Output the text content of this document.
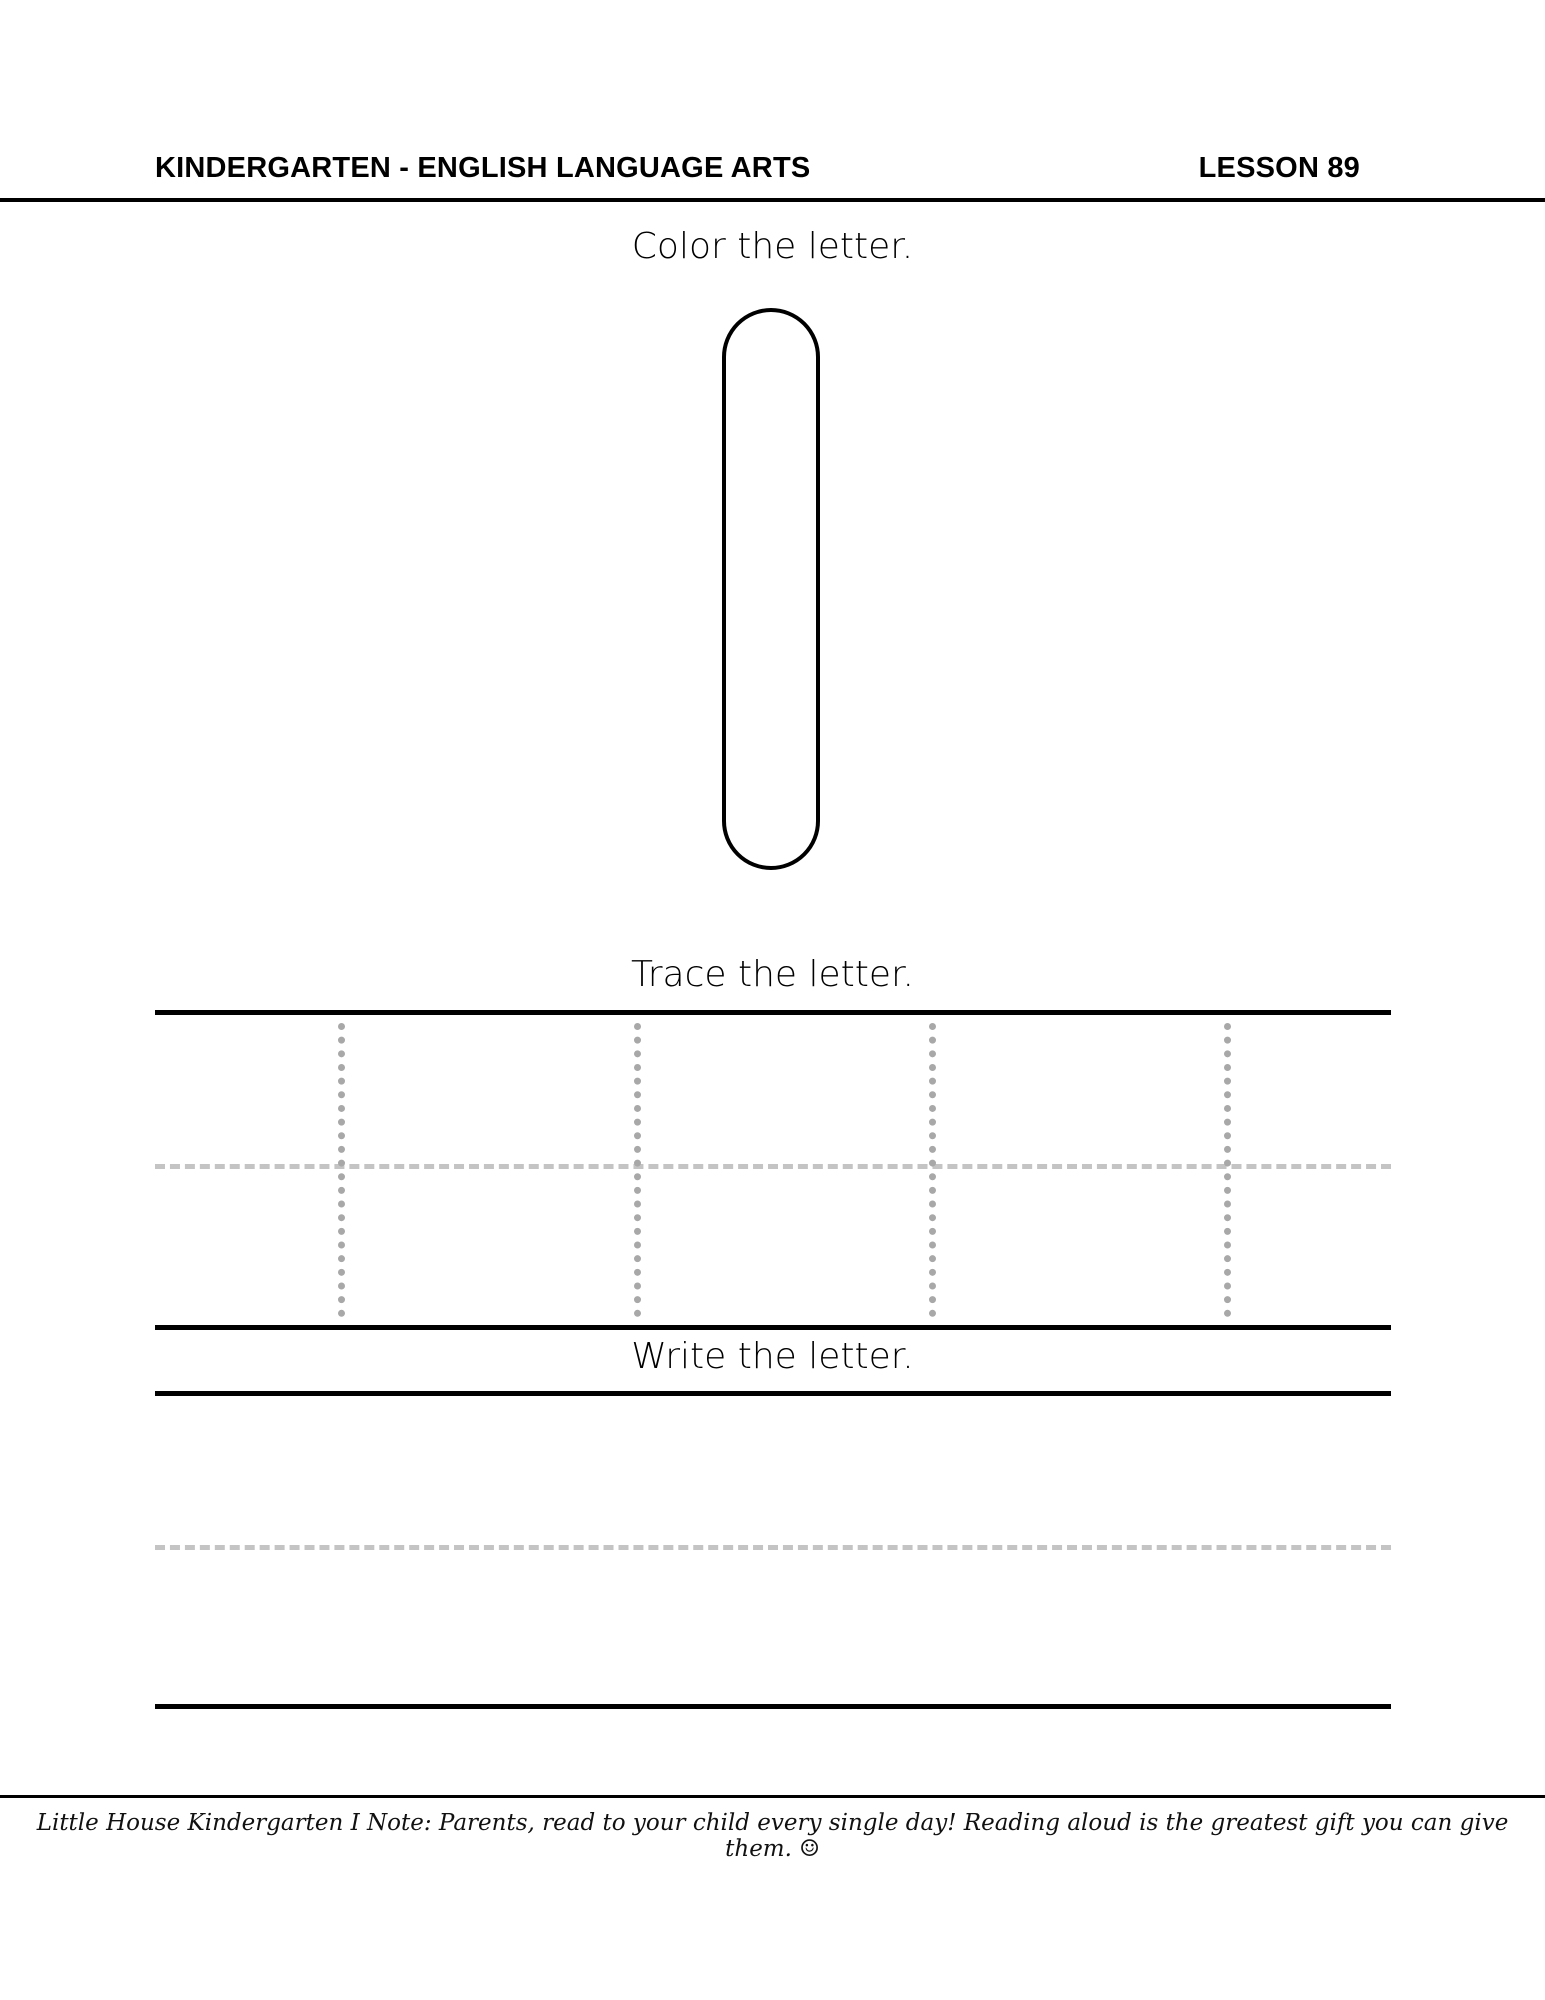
KINDERGARTEN - ENGLISH LANGUAGE ARTS	LESSON 89
Color the letter.
Trace the letter.
Write the letter.
Little House Kindergarten I Note: Parents, read to your child every single day! Reading aloud is the greatest gift you can give them. ☺
